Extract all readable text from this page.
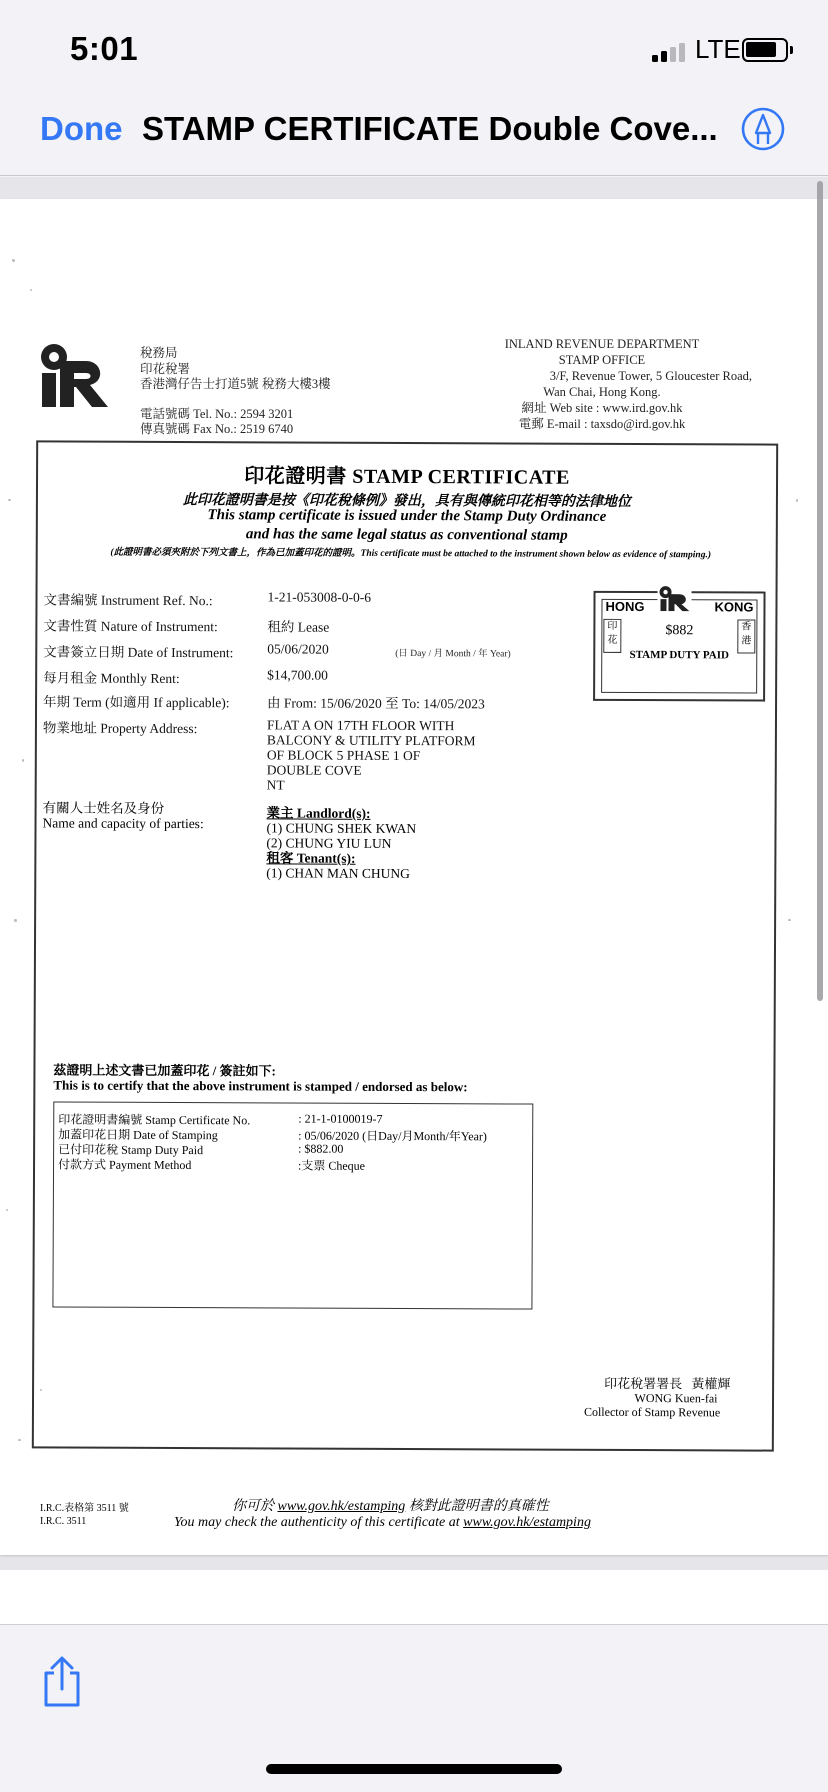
5:01	LTE
Done STAMP CERTIFICATE Double Cove...
稅務局
印花稅署
香港灣仔告士打道5號 稅務大樓3樓
電話號碼 Tel. No.: 2594 3201
傳真號碼 Fax No.: 2519 6740
INLAND REVENUE DEPARTMENT
STAMP OFFICE
3/F, Revenue Tower, 5 Gloucester Road,
Wan Chai, Hong Kong.
網址 Web site : www.ird.gov.hk
電郵 E-mail : taxsdo@ird.gov.hk
印花證明書 STAMP CERTIFICATE
此印花證明書是按《印花稅條例》發出，具有與傳統印花相等的法律地位
This stamp certificate is issued under the Stamp Duty Ordinance
and has the same legal status as conventional stamp
(此證明書必須夾附於下列文書上，作為已加蓋印花的證明。This certificate must be attached to the instrument shown below as evidence of stamping.)
文書編號 Instrument Ref. No.:	1-21-053008-0-0-6
文書性質 Nature of Instrument:	租約 Lease
文書簽立日期 Date of Instrument:	05/06/2020	(日 Day / 月 Month / 年 Year)
每月租金 Monthly Rent:	$14,700.00
年期 Term (如適用 If applicable):	由 From: 15/06/2020 至 To: 14/05/2023
物業地址 Property Address:	FLAT A ON 17TH FLOOR WITH
BALCONY & UTILITY PLATFORM
OF BLOCK 5 PHASE 1 OF
DOUBLE COVE
NT
有關人士姓名及身份
Name and capacity of parties:
業主 Landlord(s):
(1) CHUNG SHEK KWAN
(2) CHUNG YIU LUN
租客 Tenant(s):
(1) CHAN MAN CHUNG
HONG	KONG
印花
香港
$882
STAMP DUTY PAID
茲證明上述文書已加蓋印花 / 簽註如下:
This is to certify that the above instrument is stamped / endorsed as below:
印花證明書編號 Stamp Certificate No.	: 21-1-0100019-7
加蓋印花日期 Date of Stamping	: 05/06/2020 (日Day/月Month/年Year)
已付印花稅 Stamp Duty Paid	: $882.00
付款方式 Payment Method	:支票 Cheque
印花稅署署長 黃權輝
WONG Kuen-fai
Collector of Stamp Revenue
I.R.C.表格第 3511 號
I.R.C. 3511
你可於 www.gov.hk/estamping 核對此證明書的真確性
You may check the authenticity of this certificate at www.gov.hk/estamping
